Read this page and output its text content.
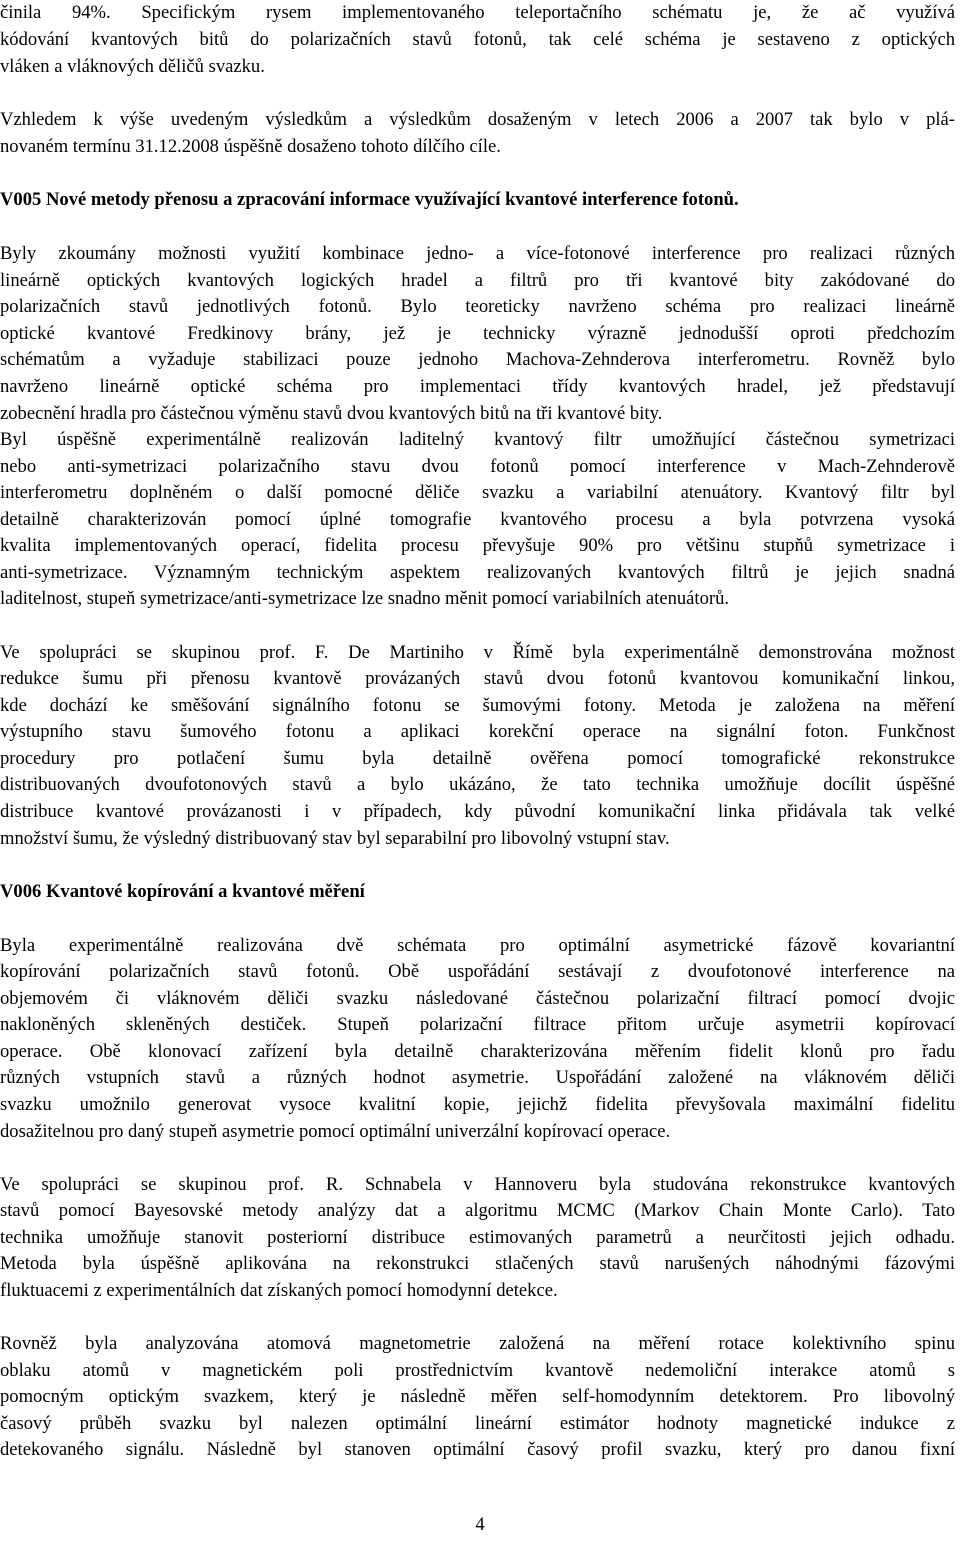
činila 94%. Specifickým rysem implementovaného teleportačního schématu je, že ač využívá
kódování kvantových bitů do polarizačních stavů fotonů, tak celé schéma je sestaveno z optických
vláken a vláknových děličů svazku.
Vzhledem k výše uvedeným výsledkům a výsledkům dosaženým v letech 2006 a 2007 tak bylo v plá-
novaném termínu 31.12.2008 úspěšně dosaženo tohoto dílčího cíle.
V005 Nové metody přenosu a zpracování informace využívající kvantové interference fotonů.
Byly zkoumány možnosti využití kombinace jedno- a více-fotonové interference pro realizaci různých
lineárně optických kvantových logických hradel a filtrů pro tři kvantové bity zakódované do
polarizačních stavů jednotlivých fotonů. Bylo teoreticky navrženo schéma pro realizaci lineárně
optické kvantové Fredkinovy brány, jež je technicky výrazně jednodušší oproti předchozím
schématům a vyžaduje stabilizaci pouze jednoho Machova-Zehnderova interferometru. Rovněž bylo
navrženo lineárně optické schéma pro implementaci třídy kvantových hradel, jež představují
zobecnění hradla pro částečnou výměnu stavů dvou kvantových bitů na tři kvantové bity.
Byl úspěšně experimentálně realizován laditelný kvantový filtr umožňující částečnou symetrizaci
nebo anti-symetrizaci polarizačního stavu dvou fotonů pomocí interference v Mach-Zehnderově
interferometru doplněném o další pomocné děliče svazku a variabilní atenuátory. Kvantový filtr byl
detailně charakterizován pomocí úplné tomografie kvantového procesu a byla potvrzena vysoká
kvalita implementovaných operací, fidelita procesu převyšuje 90% pro většinu stupňů symetrizace i
anti-symetrizace. Významným technickým aspektem realizovaných kvantových filtrů je jejich snadná
laditelnost, stupeň symetrizace/anti-symetrizace lze snadno měnit pomocí variabilních atenuátorů.
Ve spolupráci se skupinou prof. F. De Martiniho v Římě byla experimentálně demonstrována možnost
redukce šumu při přenosu kvantově provázaných stavů dvou fotonů kvantovou komunikační linkou,
kde dochází ke směšování signálního fotonu se šumovými fotony. Metoda je založena na měření
výstupního stavu šumového fotonu a aplikaci korekční operace na signální foton. Funkčnost
procedury pro potlačení šumu byla detailně ověřena pomocí tomografické rekonstrukce
distribuovaných dvoufotonových stavů a bylo ukázáno, že tato technika umožňuje docílit úspěšné
distribuce kvantové provázanosti i v případech, kdy původní komunikační linka přidávala tak velké
množství šumu, že výsledný distribuovaný stav byl separabilní pro libovolný vstupní stav.
V006 Kvantové kopírování a kvantové měření
Byla experimentálně realizována dvě schémata pro optimální asymetrické fázově kovariantní
kopírování polarizačních stavů fotonů. Obě uspořádání sestávají z dvoufotonové interference na
objemovém či vláknovém děliči svazku následované částečnou polarizační filtrací pomocí dvojic
nakloněných skleněných destiček. Stupeň polarizační filtrace přitom určuje asymetrii kopírovací
operace. Obě klonovací zařízení byla detailně charakterizována měřením fidelit klonů pro řadu
různých vstupních stavů a různých hodnot asymetrie. Uspořádání založené na vláknovém děliči
svazku umožnilo generovat vysoce kvalitní kopie, jejichž fidelita převyšovala maximální fidelitu
dosažitelnou pro daný stupeň asymetrie pomocí optimální univerzální kopírovací operace.
Ve spolupráci se skupinou prof. R. Schnabela v Hannoveru byla studována rekonstrukce kvantových
stavů pomocí Bayesovské metody analýzy dat a algoritmu MCMC (Markov Chain Monte Carlo). Tato
technika umožňuje stanovit posteriorní distribuce estimovaných parametrů a neurčitosti jejich odhadu.
Metoda byla úspěšně aplikována na rekonstrukci stlačených stavů narušených náhodnými fázovými
fluktuacemi z experimentálních dat získaných pomocí homodynní detekce.
Rovněž byla analyzována atomová magnetometrie založená na měření rotace kolektivního spinu
oblaku atomů v magnetickém poli prostřednictvím kvantově nedemoliční interakce atomů s
pomocným optickým svazkem, který je následně měřen self-homodynním detektorem. Pro libovolný
časový průběh svazku byl nalezen optimální lineární estimátor hodnoty magnetické indukce z
detekovaného signálu. Následně byl stanoven optimální časový profil svazku, který pro danou fixní
4
